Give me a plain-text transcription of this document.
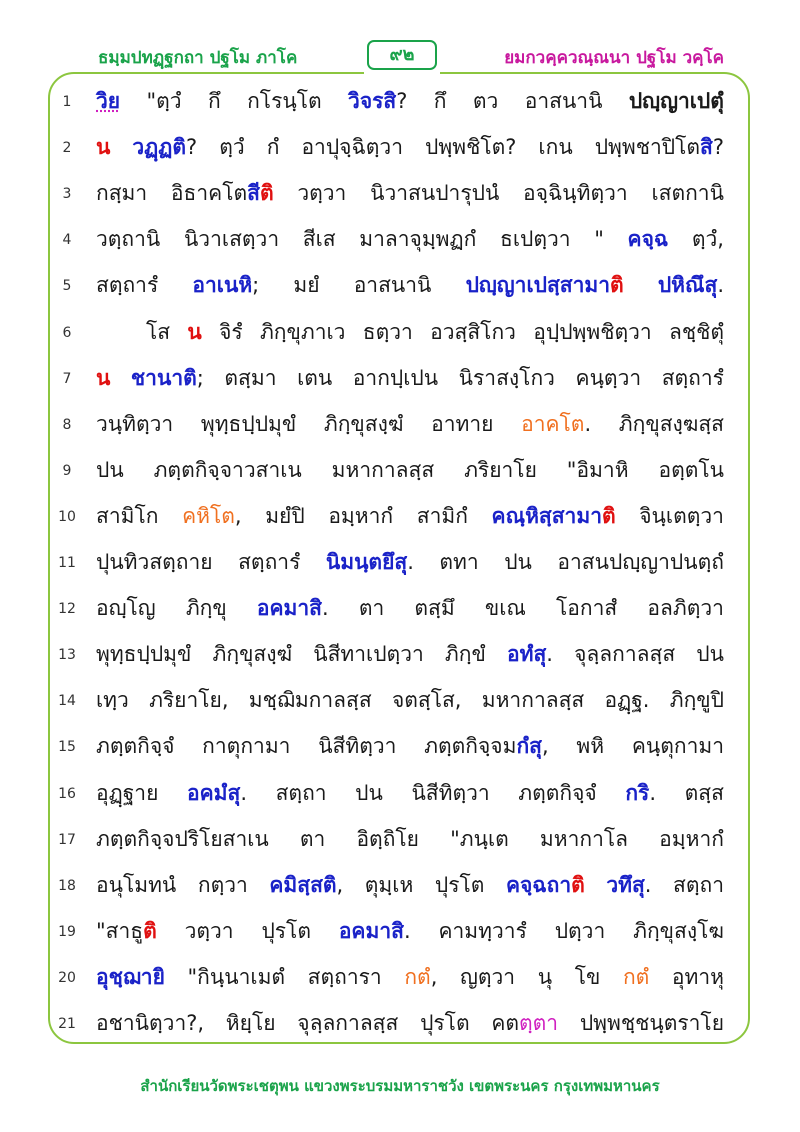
ธมฺมปทฏฺฐกถา ปฐโม ภาโค	๙๒	ยมกวคฺควณฺณนา ปฐโม วคฺโค
1	วิย "ตฺวํ กึ กโรนฺโต วิจรสิ? กึ ตว อาสนานิ ปญฺญาเปตุํ
2	น วฏฺฏติ? ตฺวํ กํ อาปุจฺฉิตฺวา ปพฺพชิโต? เกน ปพฺพชาปิโตสิ?
3	กสฺมา อิธาคโตสีติ วตฺวา นิวาสนปารุปนํ อจฺฉินฺทิตฺวา เสตกานิ
4	วตฺถานิ นิวาเสตฺวา สีเส มาลาจุมฺพฏกํ ธเปตฺวา " คจฺฉ ตฺวํ,
5	สตฺถารํ อาเนหิ; มยํ อาสนานิ ปญฺญาเปสฺสามาติ ปหิณึสุ.
6	โส น จิรํ ภิกฺขุภาเว ธตฺวา อวสฺสิโกว อุปฺปพฺพชิตฺวา ลชฺชิตุํ
7	น ชานาติ; ตสฺมา เตน อากปฺเปน นิราสงฺโกว คนฺตฺวา สตฺถารํ
8	วนฺทิตฺวา พุทฺธปฺปมุขํ ภิกฺขุสงฺฆํ อาทาย อาคโต. ภิกฺขุสงฺฆสฺส
9	ปน ภตฺตกิจฺจาวสาเน มหากาลสฺส ภริยาโย "อิมาหิ อตฺตโน
10 สามิโก คหิโต, มยํปิ อมฺหากํ สามิกํ คณฺหิสฺสามาติ จินฺเตตฺวา
11 ปุนทิวสตฺถาย สตฺถารํ นิมนฺตยึสุ. ตทา ปน อาสนปญฺญาปนตฺถํ
12 อญฺโญ ภิกฺขุ อคมาสิ. ตา ตสฺมึ ขเณ โอกาสํ อลภิตฺวา
13 พุทฺธปฺปมุขํ ภิกฺขุสงฺฆํ นิสีทาเปตฺวา ภิกฺขํ อทํสุ. จุลฺลกาลสฺส ปน
14 เทฺว ภริยาโย, มชฺฌิมกาลสฺส จตสฺโส, มหากาลสฺส อฏฺฐ. ภิกฺขูปิ
15 ภตฺตกิจฺจํ กาตุกามา นิสีทิตฺวา ภตฺตกิจฺจมกํสุ, พหิ คนฺตุกามา
16 อุฏฺฐาย อคมํสุ. สตฺถา ปน นิสีทิตฺวา ภตฺตกิจฺจํ กริ. ตสฺส
17 ภตฺตกิจฺจปริโยสาเน ตา อิตฺถิโย "ภนฺเต มหากาโล อมฺหากํ
18 อนุโมทนํ กตฺวา คมิสฺสติ, ตุมฺเห ปุรโต คจฺฉถาติ วทึสุ. สตฺถา
19 "สาธูติ วตฺวา ปุรโต อคมาสิ. คามทฺวารํ ปตฺวา ภิกฺขุสงฺโฆ
20 อุชฺฌายิ "กินฺนาเมตํ สตฺถารา กตํ, ญตฺวา นุ โข กตํ อุทาหุ
21 อชานิตฺวา?, หิยฺโย จุลฺลกาลสฺส ปุรโต คตตฺตา ปพฺพชฺชนฺตราโย
สำนักเรียนวัดพระเชตุพน แขวงพระบรมมหาราชวัง เขตพระนคร กรุงเทพมหานคร
